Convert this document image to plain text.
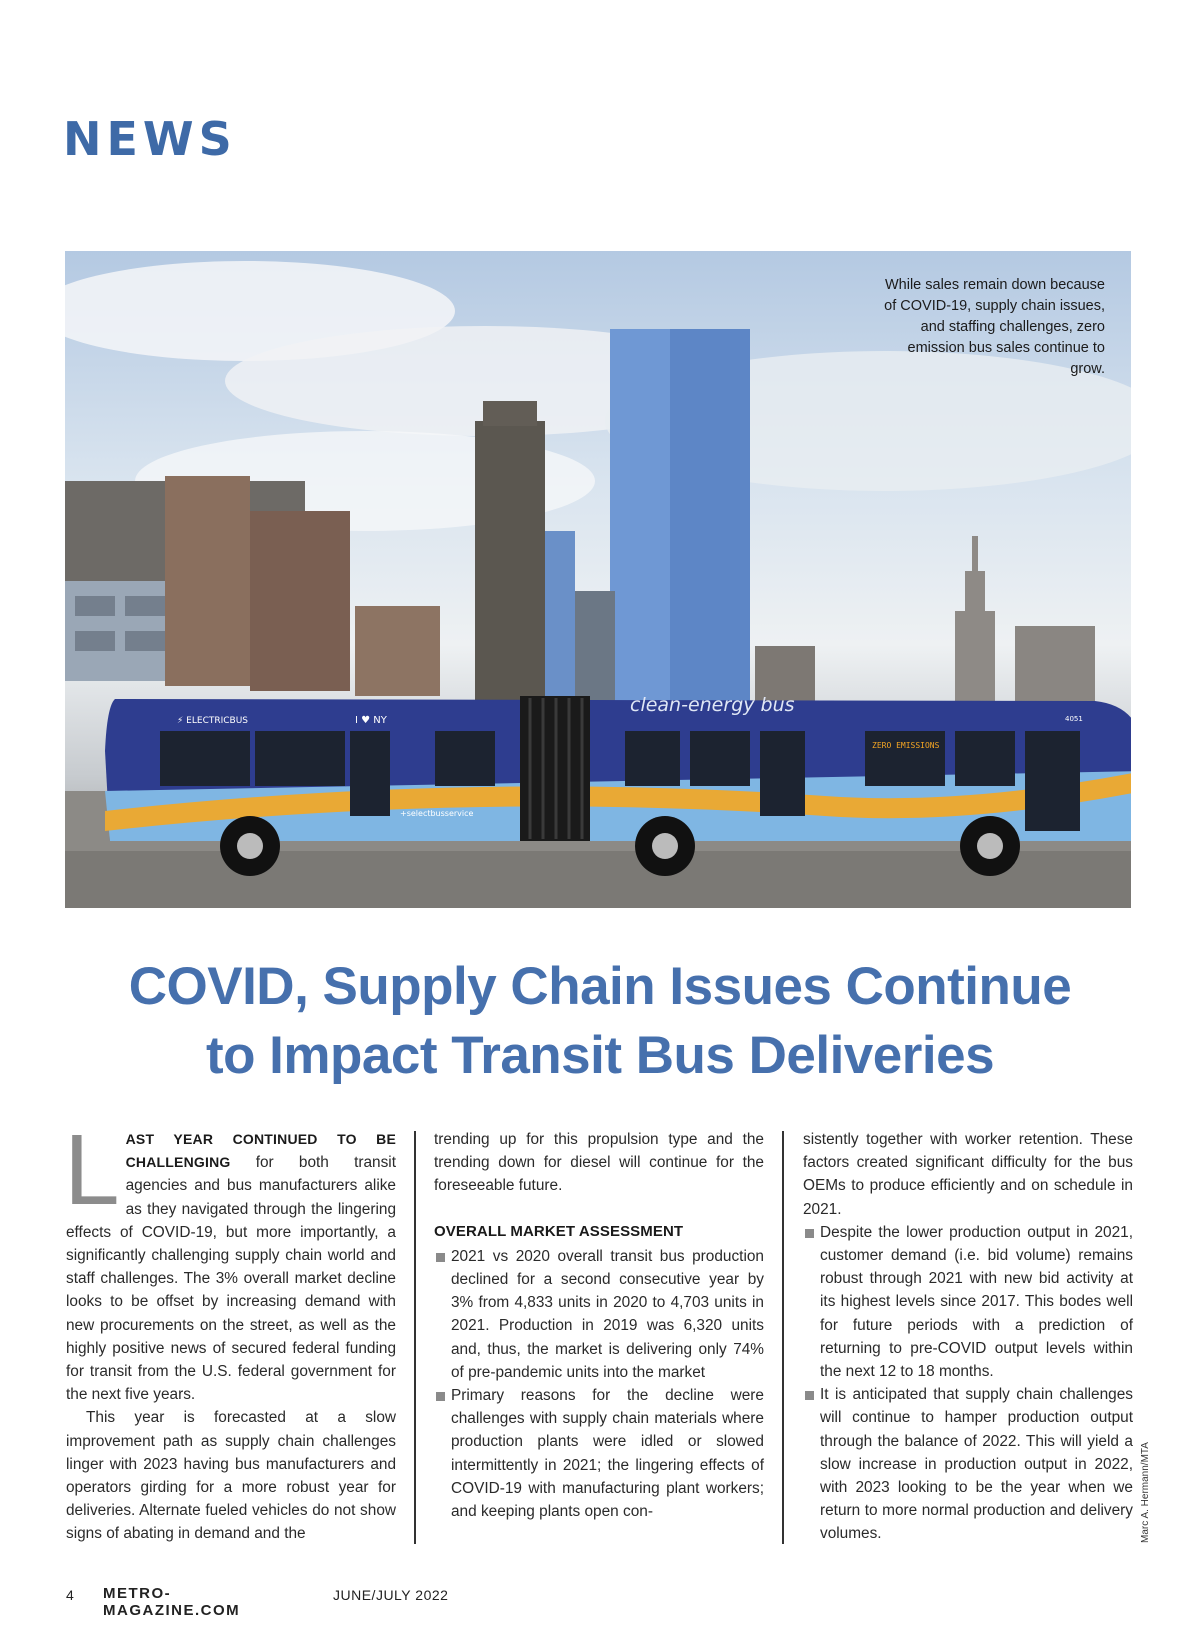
NEWS
clean-energy bus
⚡ ELECTRICBUS	I ♥ NY
+selectbusservice
ZERO EMISSIONS
4051
While sales remain down because of COVID-19, supply chain issues, and staffing challenges, zero emission bus sales continue to grow.
Marc A. Hermann/MTA
COVID, Supply Chain Issues Continue to Impact Transit Bus Deliveries

LAST YEAR CONTINUED TO BE CHALLENGING for both transit agencies and bus manufacturers alike as they navigated through the lingering effects of COVID-19, but more importantly, a significantly challenging supply chain world and staff challenges. The 3% overall market decline looks to be offset by increasing demand with new procurements on the street, as well as the highly positive news of secured federal funding for transit from the U.S. federal government for the next five years.

This year is forecasted at a slow improvement path as supply chain challenges linger with 2023 having bus manufacturers and operators girding for a more robust year for deliveries. Alternate fueled vehicles do not show signs of abating in demand and the

trending up for this propulsion type and the trending down for diesel will continue for the foreseeable future.

OVERALL MARKET ASSESSMENT
2021 vs 2020 overall transit bus production declined for a second consecutive year by 3% from 4,833 units in 2020 to 4,703 units in 2021. Production in 2019 was 6,320 units and, thus, the market is delivering only 74% of pre-pandemic units into the market
Primary reasons for the decline were challenges with supply chain materials where production plants were idled or slowed intermittently in 2021; the lingering effects of COVID-19 with manufacturing plant workers; and keeping plants open con-
sistently together with worker retention. These factors created significant difficulty for the bus OEMs to produce efficiently and on schedule in 2021.
Despite the lower production output in 2021, customer demand (i.e. bid volume) remains robust through 2021 with new bid activity at its highest levels since 2017. This bodes well for future periods with a prediction of returning to pre-COVID output levels within the next 12 to 18 months.
It is anticipated that supply chain challenges will continue to hamper production output through the balance of 2022. This will yield a slow increase in production output in 2022, with 2023 looking to be the year when we return to more normal production and delivery volumes.
4 METRO-MAGAZINE.COM
JUNE/JULY 2022
